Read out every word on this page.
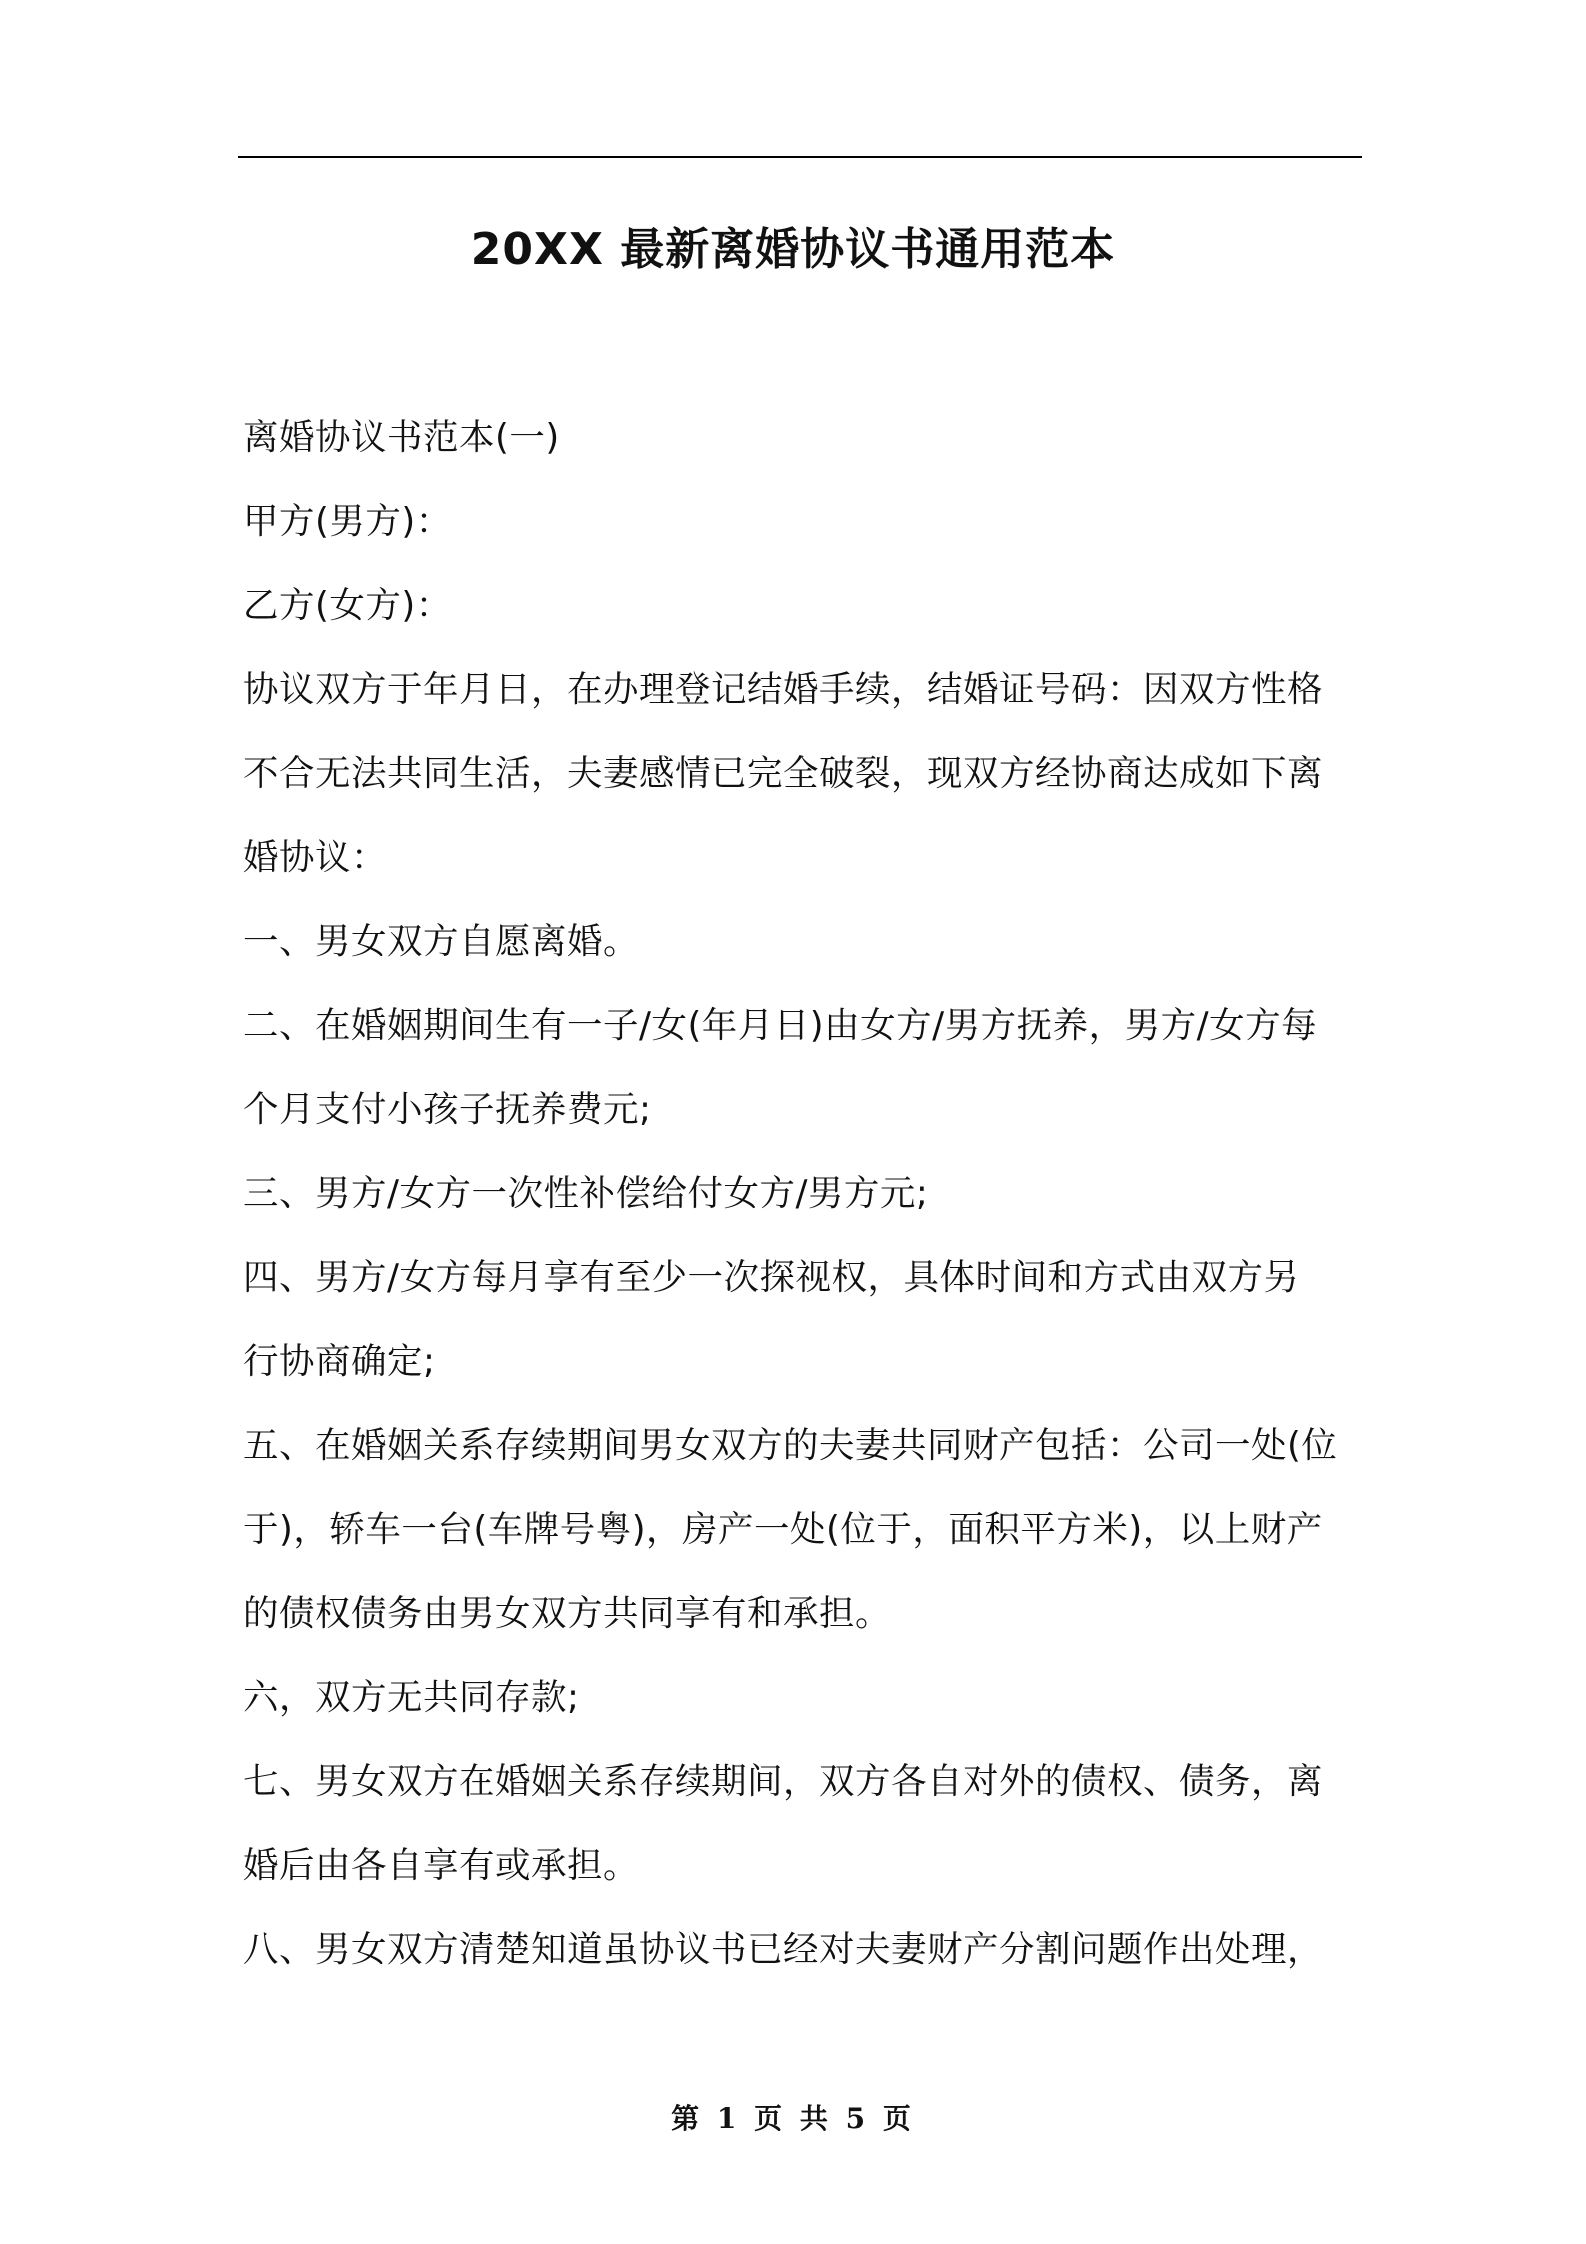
20XX 最新离婚协议书通用范本
离婚协议书范本(一)
甲方(男方)：
乙方(女方)：
协议双方于年月日，在办理登记结婚手续，结婚证号码：因双方性格
不合无法共同生活，夫妻感情已完全破裂，现双方经协商达成如下离
婚协议：
一、男女双方自愿离婚。
二、在婚姻期间生有一子/女(年月日)由女方/男方抚养，男方/女方每
个月支付小孩子抚养费元;
三、男方/女方一次性补偿给付女方/男方元;
四、男方/女方每月享有至少一次探视权，具体时间和方式由双方另
行协商确定;
五、在婚姻关系存续期间男女双方的夫妻共同财产包括：公司一处(位
于)，轿车一台(车牌号粤)，房产一处(位于，面积平方米)，以上财产
的债权债务由男女双方共同享有和承担。
六，双方无共同存款;
七、男女双方在婚姻关系存续期间，双方各自对外的债权、债务，离
婚后由各自享有或承担。
八、男女双方清楚知道虽协议书已经对夫妻财产分割问题作出处理，
第 1 页 共 5 页
